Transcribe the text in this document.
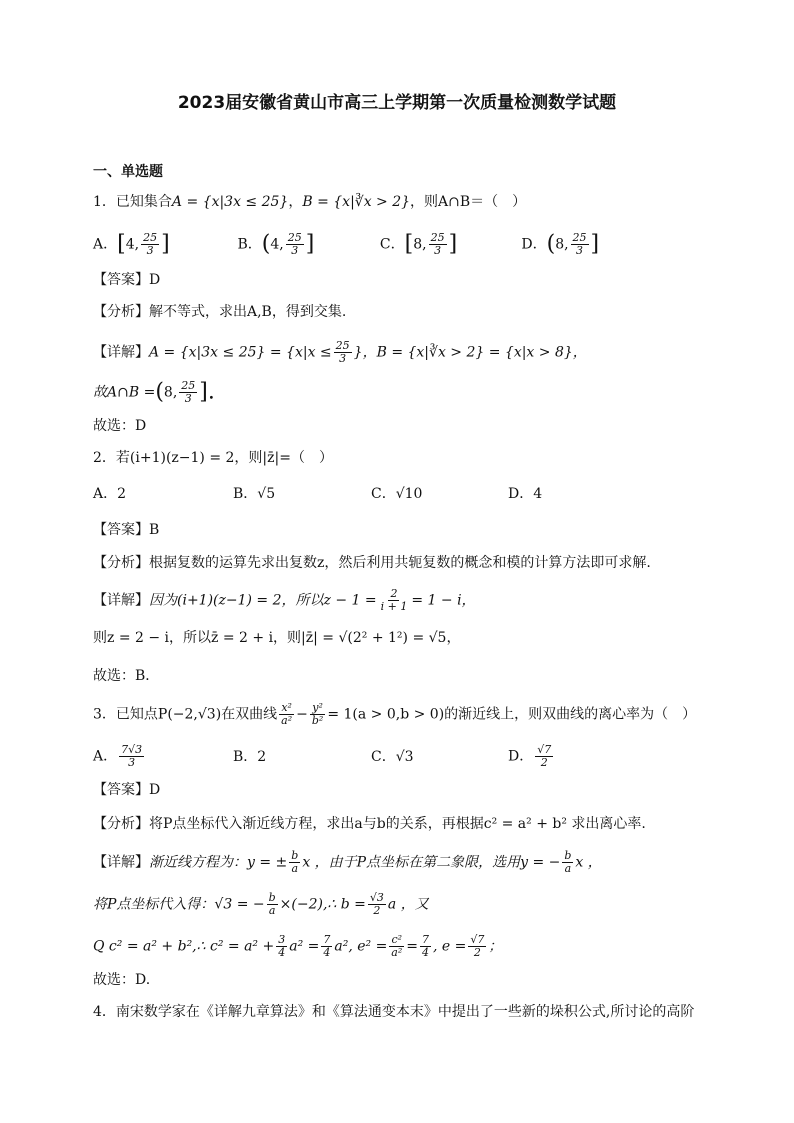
2023届安徽省黄山市高三上学期第一次质量检测数学试题
一、单选题
1．已知集合A = {x|3x ≤ 25}，B = {x|∛x > 2}，则A∩B＝（　）
A．[4, $\frac{25}{3}$ ]	B．(4, $\frac{25}{3}$ ]	C．[8, $\frac{25}{3}$ ]	D．(8, $\frac{25}{3}$ ]
【答案】D
【分析】解不等式，求出A,B，得到交集.
【详解】$A = \{x|3x \le 25\} = \{x|x \le \frac{25}{3}$ }，B = {x|∛x > 2} = {x|x > 8}，
故A∩B =(8, $\frac{25}{3}$ ].
故选：D
2．若(i+1)(z−1) = 2，则|z̄|=（　）
A．2	B．√5	C．√10	D．4
【答案】B
【分析】根据复数的运算先求出复数z，然后利用共轭复数的概念和模的计算方法即可求解.
【详解】因为(i+1)(z−1) = 2，所以$z - 1 = \frac{2}{i + 1} = 1 - i$，
则z = 2 − i，所以z̄ = 2 + i，则|z̄| = √(2² + 1²) = √5，
故选：B．
3．已知点P(−2,√3)在双曲线 $\frac{\text{x²}}{\text{a²}} - \frac{\text{y²}}{\text{b²}} = 1(a > 0,b > 0)$的渐近线上，则双曲线的离心率为（　）
A． $\frac{7√3}{3}$	B．2	C．√3	D． $\frac{√7}{2}$
【答案】D
【分析】将P点坐标代入渐近线方程，求出a与b的关系，再根据c² = a² + b² 求出离心率.
【详解】渐近线方程为：y = ± $\frac{b}{a}$ x ，由于P点坐标在第二象限，选用y = − $\frac{b}{a}$ x ，
将P点坐标代入得：√3 = − $\frac{b}{a}$ ×(−2),∴ $b = \frac{√3}{2}$ a ，又
Q c² = a² + b²,∴ $c^2 = a^2 + \frac{3}{4} a^2 = \frac{7}{4} a^2$, $e^2 = \frac{\text{c²}}{\text{a²}} = \frac{7}{4}$ , $e = \frac{√7}{2}$ ；
故选：D.
4．南宋数学家在《详解九章算法》和《算法通变本末》中提出了一些新的垛积公式,所讨论的高阶
